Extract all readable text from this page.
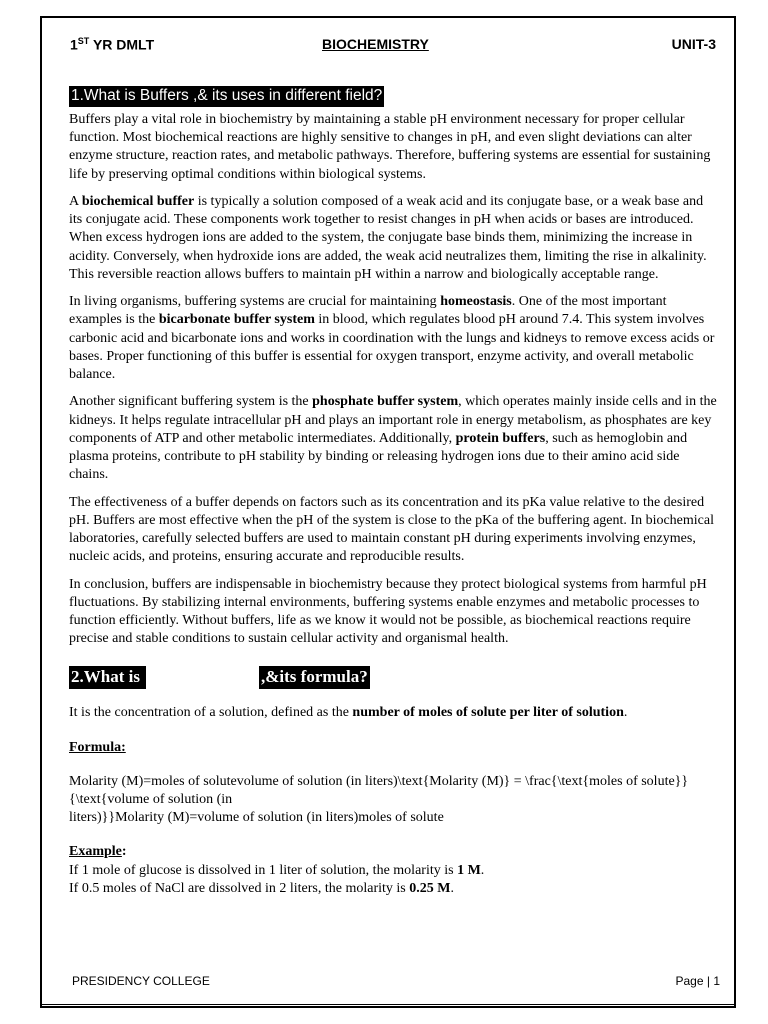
1ST YR DMLT	BIOCHEMISTRY	UNIT-3
1.What is Buffers ,& its uses in different field?

Buffers play a vital role in biochemistry by maintaining a stable pH environment necessary for proper cellular function. Most biochemical reactions are highly sensitive to changes in pH, and even slight deviations can alter enzyme structure, reaction rates, and metabolic pathways. Therefore, buffering systems are essential for sustaining life by preserving optimal conditions within biological systems.

A biochemical buffer is typically a solution composed of a weak acid and its conjugate base, or a weak base and its conjugate acid. These components work together to resist changes in pH when acids or bases are introduced. When excess hydrogen ions are added to the system, the conjugate base binds them, minimizing the increase in acidity. Conversely, when hydroxide ions are added, the weak acid neutralizes them, limiting the rise in alkalinity. This reversible reaction allows buffers to maintain pH within a narrow and biologically acceptable range.

In living organisms, buffering systems are crucial for maintaining homeostasis. One of the most important examples is the bicarbonate buffer system in blood, which regulates blood pH around 7.4. This system involves carbonic acid and bicarbonate ions and works in coordination with the lungs and kidneys to remove excess acids or bases. Proper functioning of this buffer is essential for oxygen transport, enzyme activity, and overall metabolic balance.

Another significant buffering system is the phosphate buffer system, which operates mainly inside cells and in the kidneys. It helps regulate intracellular pH and plays an important role in energy metabolism, as phosphates are key components of ATP and other metabolic intermediates. Additionally, protein buffers, such as hemoglobin and plasma proteins, contribute to pH stability by binding or releasing hydrogen ions due to their amino acid side chains.

The effectiveness of a buffer depends on factors such as its concentration and its pKa value relative to the desired pH. Buffers are most effective when the pH of the system is close to the pKa of the buffering agent. In biochemical laboratories, carefully selected buffers are used to maintain constant pH during experiments involving enzymes, nucleic acids, and proteins, ensuring accurate and reproducible results.

In conclusion, buffers are indispensable in biochemistry because they protect biological systems from harmful pH fluctuations. By stabilizing internal environments, buffering systems enable enzymes and metabolic processes to function efficiently. Without buffers, life as we know it would not be possible, as biochemical reactions require precise and stable conditions to sustain cellular activity and organismal health.

2.What is	,&its formula?

It is the concentration of a solution, defined as the number of moles of solute per liter of solution.

Formula:

Molarity (M)=moles of solutevolume of solution (in liters)\text{Molarity (M)} = \frac{\text{moles of solute}}{\text{volume of solution (in
liters)}}Molarity (M)=volume of solution (in liters)moles of solute
Example:
If 1 mole of glucose is dissolved in 1 liter of solution, the molarity is 1 M.
If 0.5 moles of NaCl are dissolved in 2 liters, the molarity is 0.25 M.
PRESIDENCY COLLEGE	Page | 1
